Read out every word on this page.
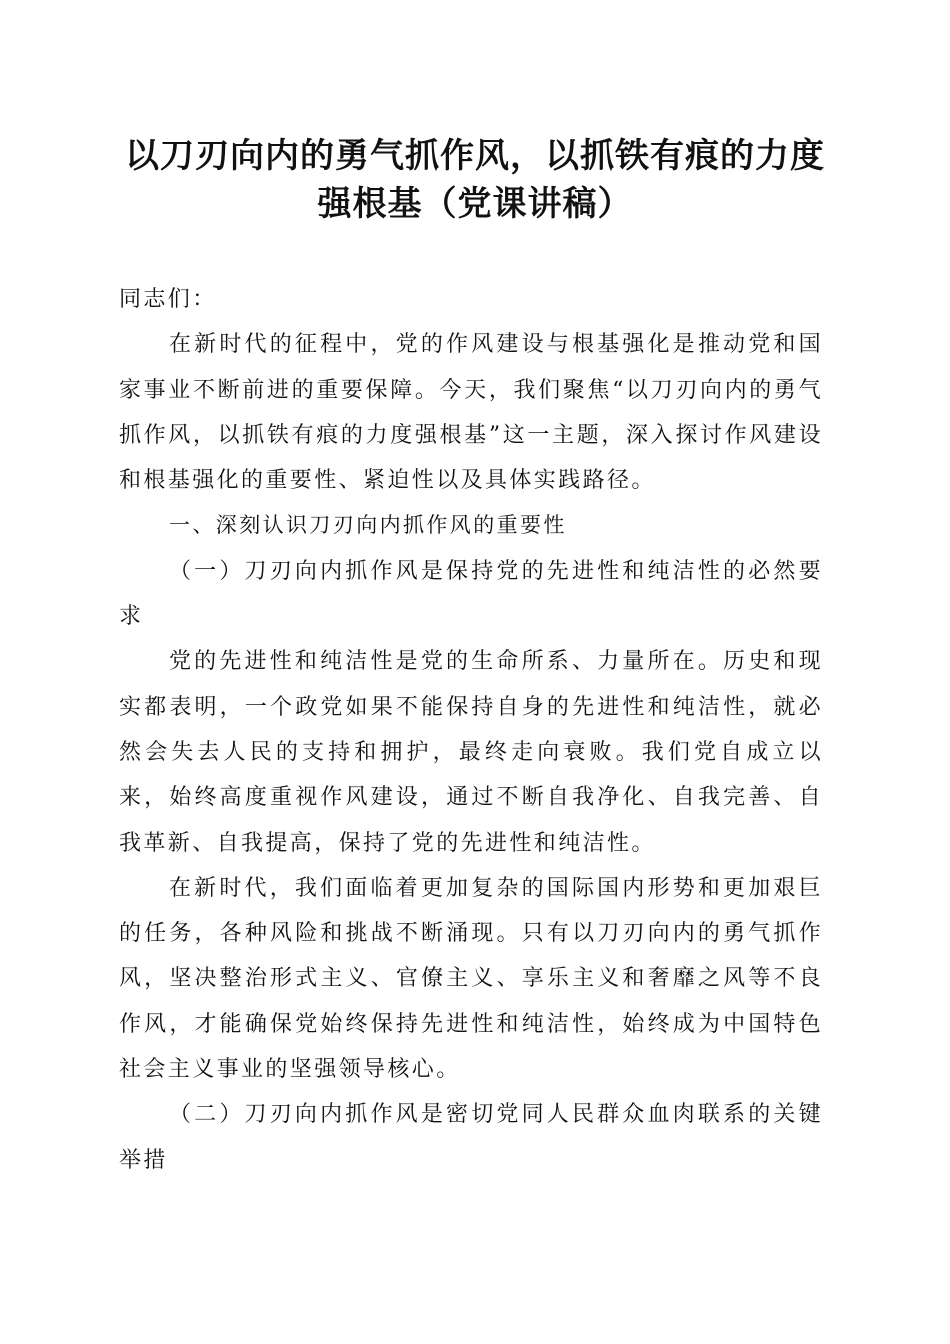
以刀刃向内的勇气抓作风，以抓铁有痕的力度
强根基（党课讲稿）

同志们：

在新时代的征程中，党的作风建设与根基强化是推动党和国家事业不断前进的重要保障。今天，我们聚焦“以刀刃向内的勇气抓作风，以抓铁有痕的力度强根基”这一主题，深入探讨作风建设和根基强化的重要性、紧迫性以及具体实践路径。

一、深刻认识刀刃向内抓作风的重要性

（一）刀刃向内抓作风是保持党的先进性和纯洁性的必然要求

党的先进性和纯洁性是党的生命所系、力量所在。历史和现实都表明，一个政党如果不能保持自身的先进性和纯洁性，就必然会失去人民的支持和拥护，最终走向衰败。我们党自成立以来，始终高度重视作风建设，通过不断自我净化、自我完善、自我革新、自我提高，保持了党的先进性和纯洁性。

在新时代，我们面临着更加复杂的国际国内形势和更加艰巨的任务，各种风险和挑战不断涌现。只有以刀刃向内的勇气抓作风，坚决整治形式主义、官僚主义、享乐主义和奢靡之风等不良作风，才能确保党始终保持先进性和纯洁性，始终成为中国特色社会主义事业的坚强领导核心。

（二）刀刃向内抓作风是密切党同人民群众血肉联系的关键举措
